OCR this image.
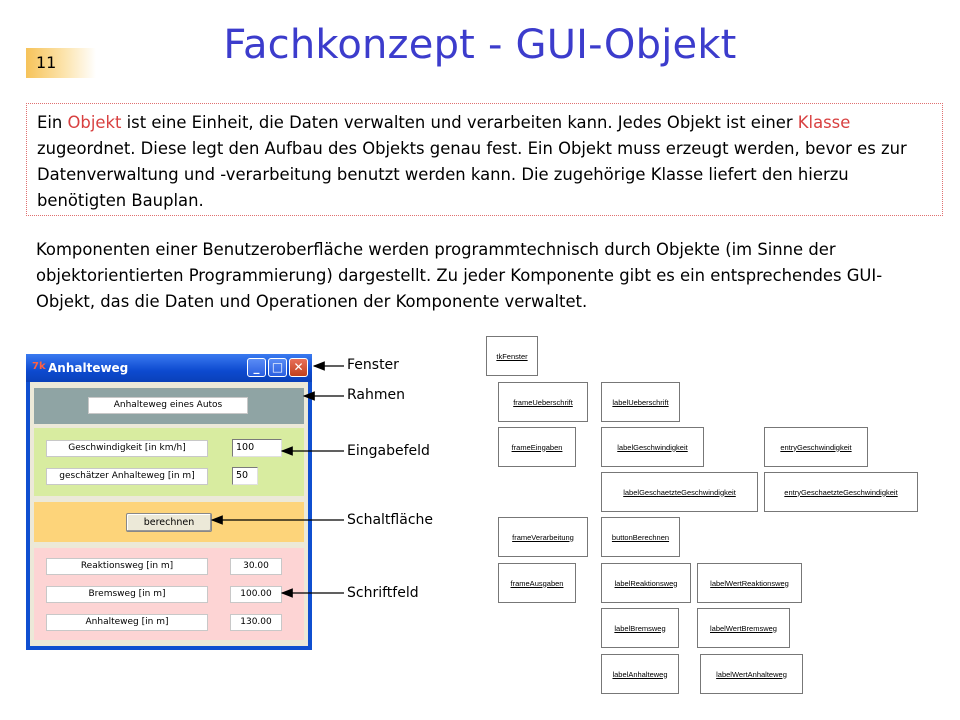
11	Fachkonzept - GUI-Objekt
Ein Objekt ist eine Einheit, die Daten verwalten und verarbeiten kann. Jedes Objekt ist einer Klasse zugeordnet. Diese legt den Aufbau des Objekts genau fest. Ein Objekt muss erzeugt werden, bevor es zur Datenverwaltung und -verarbeitung benutzt werden kann. Die zugehörige Klasse liefert den hierzu benötigten Bauplan.
Komponenten einer Benutzeroberfläche werden programmtechnisch durch Objekte (im Sinne der objektorientierten Programmierung) dargestellt. Zu jeder Komponente gibt es ein entsprechendes GUI-Objekt, das die Daten und Operationen der Komponente verwaltet.
7k Anhalteweg	_	□ ✕
Anhalteweg eines Autos
Geschwindigkeit [in km/h]	100
geschätzer Anhalteweg [in m]	50
berechnen
Reaktionsweg [in m]	30.00
Bremsweg [in m]	100.00
Anhalteweg [in m]	130.00
Fenster
Rahmen
Eingabefeld
Schaltfläche
Schriftfeld
tkFenster
frameUeberschrift	labelUeberschrift
frameEingaben	labelGeschwindigkeit	entryGeschwindigkeit
labelGeschaetzteGeschwindigkeit	entryGeschaetzteGeschwindigkeit
frameVerarbeitung	buttonBerechnen
frameAusgaben	labelReaktionsweg	labelWertReaktionsweg
labelBremsweg	labelWertBremsweg
labelAnhalteweg	labelWertAnhalteweg
